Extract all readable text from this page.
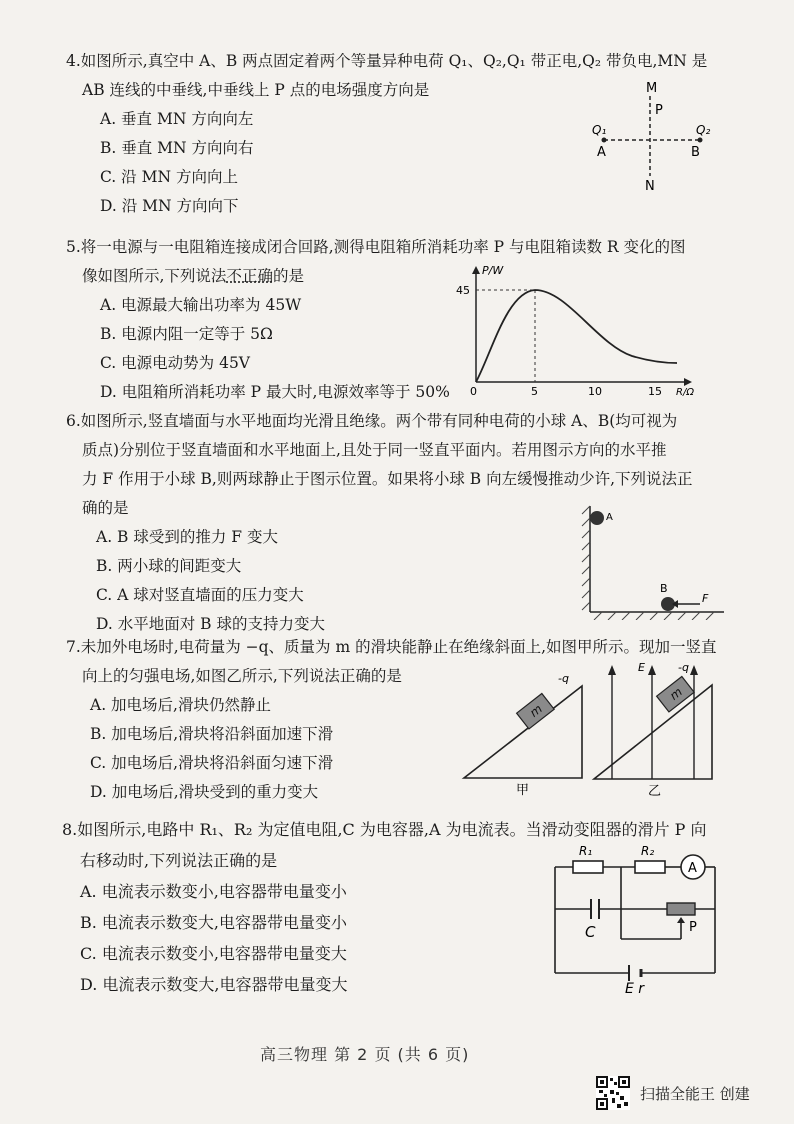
4.如图所示,真空中 A、B 两点固定着两个等量异种电荷 Q₁、Q₂,Q₁ 带正电,Q₂ 带负电,MN 是
AB 连线的中垂线,中垂线上 P 点的电场强度方向是
A. 垂直 MN 方向向左
B. 垂直 MN 方向向右
C. 沿 MN 方向向上
D. 沿 MN 方向向下
M
P
Q₁	Q₂
A	B
N
5.将一电源与一电阻箱连接成闭合回路,测得电阻箱所消耗功率 P 与电阻箱读数 R 变化的图
像如图所示,下列说法不正确的是
A. 电源最大输出功率为 45W
B. 电源内阻一定等于 5Ω
C. 电源电动势为 45V
D. 电阻箱所消耗功率 P 最大时,电源效率等于 50%
P/W
45
0	5	10	15 R/Ω
6.如图所示,竖直墙面与水平地面均光滑且绝缘。两个带有同种电荷的小球 A、B(均可视为
质点)分别位于竖直墙面和水平地面上,且处于同一竖直平面内。若用图示方向的水平推
力 F 作用于小球 B,则两球静止于图示位置。如果将小球 B 向左缓慢推动少许,下列说法正
确的是
A. B 球受到的推力 F 变大
B. 两小球的间距变大
C. A 球对竖直墙面的压力变大
D. 水平地面对 B 球的支持力变大
A
B
F
7.未加外电场时,电荷量为 −q、质量为 m 的滑块能静止在绝缘斜面上,如图甲所示。现加一竖直
向上的匀强电场,如图乙所示,下列说法正确的是
A. 加电场后,滑块仍然静止
B. 加电场后,滑块将沿斜面加速下滑
C. 加电场后,滑块将沿斜面匀速下滑
D. 加电场后,滑块受到的重力变大
m
-q
甲
m
E	-q
乙
8.如图所示,电路中 R₁、R₂ 为定值电阻,C 为电容器,A 为电流表。当滑动变阻器的滑片 P 向
右移动时,下列说法正确的是
A. 电流表示数变小,电容器带电量变小
B. 电流表示数变大,电容器带电量变小
C. 电流表示数变小,电容器带电量变大
D. 电流表示数变大,电容器带电量变大
A
R₁	R₂
C	P
E r
高三物理 第 2 页 (共 6 页)
扫描全能王 创建
